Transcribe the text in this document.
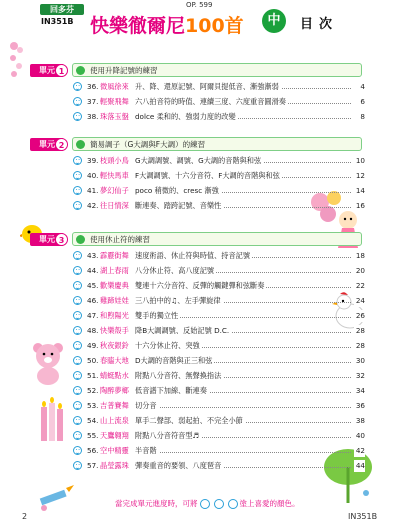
回多芬
IN351B
OP. 599
快樂徹爾尼100首	中	目次
單元 1	使用升降記號的練習
單元 2	簡易調子（G大調與F大調）的練習
單元 3	使用休止符的練習
36. 微風徐來 升、降、還原記號、阿爾貝提低音、漸強漸弱	4
37. 輕聚飛舞 六八拍音符的時值、連續三度、六度重音圓滑奏	6
38. 珠落玉盤 dolce 柔和的、強弱力度的改變	8
39. 枝頭小鳥 G大調調號、調號、G大調的音階與和弦	10
40. 輕快馬車 F大調調號、十六分音符、F大調的音階與和弦	12
41. 夢幻仙子 poco 稍微的、cresc 漸強	14
42. 往日情深 斷連奏、踏跨記號、音樂性	16
43. 霹靂街舞 速度術語、休止符與時值、持音記號	18
44. 湖上春雨 八分休止符、高八度記號	20
45. 歡樂慶典 雙連十六分音符、反彈的觸鍵彈和弦斷奏	22
46. 雞蹄娃娃 三八拍中的♫、左手彈旋律	24
47. 和煦陽光 雙手的獨立性	26
48. 快樂殼手 降B大調調號、反始記號 D.C.	28
49. 秋夜銀鈴 十六分休止符、突強	28
50. 春臨大地 D大調的音階與正三和弦	30
51. 蜻蜓點水 附點八分音符、無聲換指法	32
52. 陶醉夢鄉 低音譜下加線、斷連奏	34
53. 吉普賽舞 切分音	36
54. 山上流泉 單手二聲部、弱起拍、不完全小節	38
55. 天鷹翱翔 附點八分音符音型♬	40
56. 空中精靈 半音階	42
57. 晶瑩露珠 彈奏重音的要領、八度琶音	44
當完成單元進度時，可將	塗上喜愛的顏色。
2	IN351B
